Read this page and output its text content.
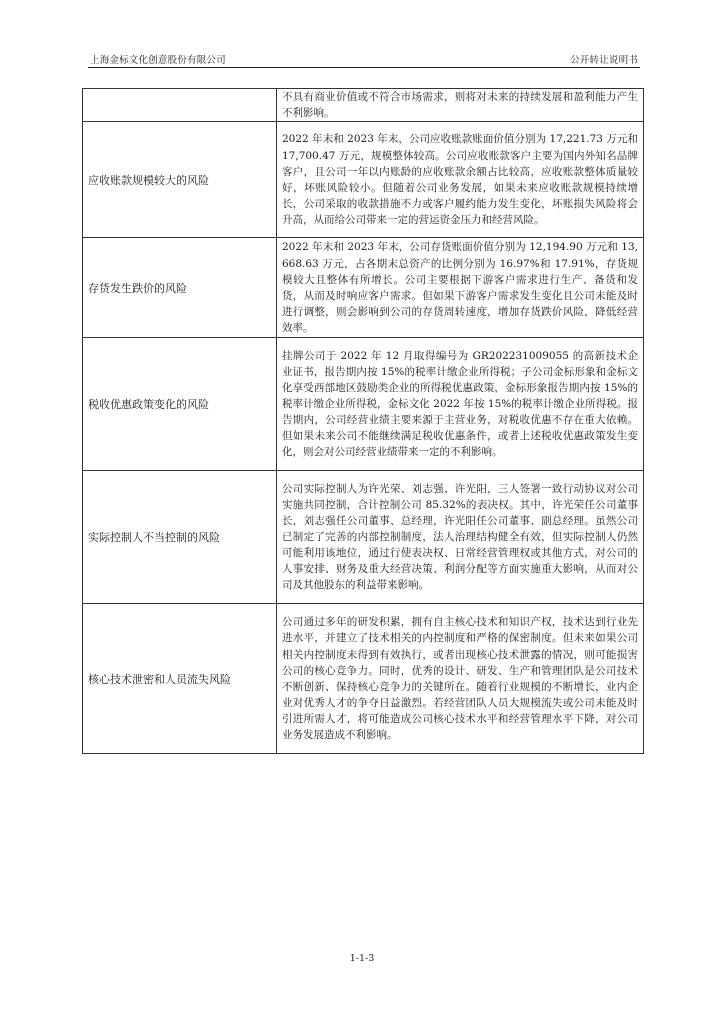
上海金标文化创意股份有限公司	公开转让说明书
	不具有商业价值或不符合市场需求，则将对未来的持续发展和盈利能力产生不利影响。
应收账款规模较大的风险	2022 年末和 2023 年末，公司应收账款账面价值分别为 17,221.73 万元和 17,700.47 万元，规模整体较高。公司应收账款客户主要为国内外知名品牌客户，且公司一年以内账龄的应收账款余额占比较高，应收账款整体质量较好，坏账风险较小。但随着公司业务发展，如果未来应收账款规模持续增长，公司采取的收款措施不力或客户履约能力发生变化，坏账损失风险将会升高，从而给公司带来一定的营运资金压力和经营风险。
存货发生跌价的风险	2022 年末和 2023 年末，公司存货账面价值分别为 12,194.90 万元和 13,668.63 万元，占各期末总资产的比例分别为 16.97%和 17.91%，存货规模较大且整体有所增长。公司主要根据下游客户需求进行生产、备货和发货，从而及时响应客户需求。但如果下游客户需求发生变化且公司未能及时进行调整，则会影响到公司的存货周转速度，增加存货跌价风险，降低经营效率。
税收优惠政策变化的风险	挂牌公司于 2022 年 12 月取得编号为 GR202231009055 的高新技术企业证书，报告期内按 15%的税率计缴企业所得税；子公司金标形象和金标文化享受西部地区鼓励类企业的所得税优惠政策，金标形象报告期内按 15%的税率计缴企业所得税，金标文化 2022 年按 15%的税率计缴企业所得税。报告期内，公司经营业绩主要来源于主营业务，对税收优惠不存在重大依赖。但如果未来公司不能继续满足税收优惠条件，或者上述税收优惠政策发生变化，则会对公司经营业绩带来一定的不利影响。
实际控制人不当控制的风险	公司实际控制人为许光荣、刘志强、许光阳，三人签署一致行动协议对公司实施共同控制，合计控制公司 85.32%的表决权。其中，许光荣任公司董事长，刘志强任公司董事、总经理，许光阳任公司董事、副总经理。虽然公司已制定了完善的内部控制制度，法人治理结构健全有效，但实际控制人仍然可能利用该地位，通过行使表决权、日常经营管理权或其他方式，对公司的人事安排、财务及重大经营决策、利润分配等方面实施重大影响，从而对公司及其他股东的利益带来影响。
核心技术泄密和人员流失风险	公司通过多年的研发积累，拥有自主核心技术和知识产权，技术达到行业先进水平，并建立了技术相关的内控制度和严格的保密制度。但未来如果公司相关内控制度未得到有效执行，或者出现核心技术泄露的情况，则可能损害公司的核心竞争力。同时，优秀的设计、研发、生产和管理团队是公司技术不断创新、保持核心竞争力的关键所在。随着行业规模的不断增长，业内企业对优秀人才的争夺日益激烈。若经营团队人员大规模流失或公司未能及时引进所需人才，将可能造成公司核心技术水平和经营管理水平下降，对公司业务发展造成不利影响。
1-1-3
